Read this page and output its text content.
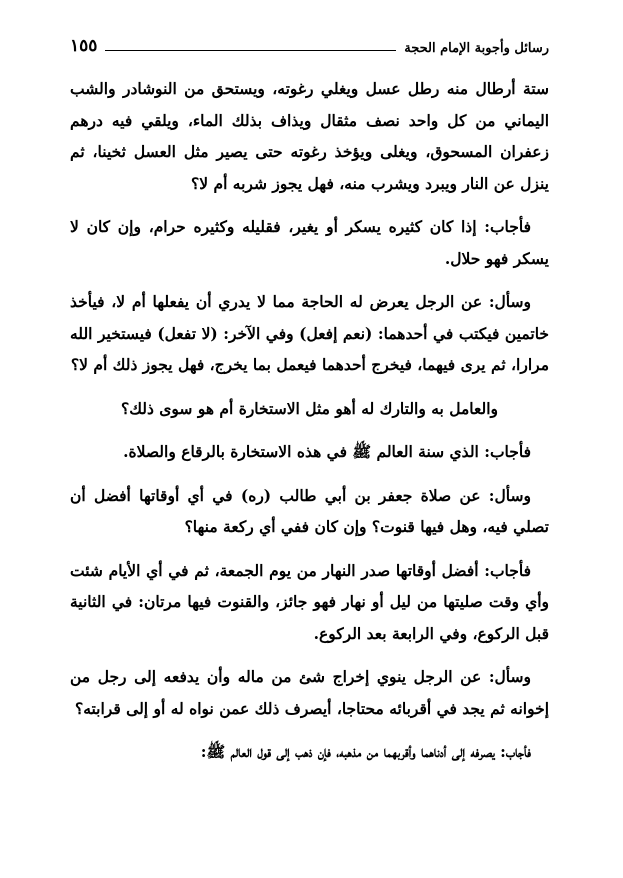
رسائل وأجوبة الإمام الحجة
١٥٥

ستة أرطال منه رطل عسل ويغلي رغوته، ويستحق من النوشادر والشب اليماني من كل واحد نصف مثقال ويذاف بذلك الماء، ويلقي فيه درهم زعفران المسحوق، ويغلى ويؤخذ رغوته حتى يصير مثل العسل ثخينا، ثم ينزل عن النار ويبرد ويشرب منه، فهل يجوز شربه أم لا؟

فأجاب: إذا كان كثيره يسكر أو يغير، فقليله وكثيره حرام، وإن كان لا يسكر فهو حلال.

وسأل: عن الرجل يعرض له الحاجة مما لا يدري أن يفعلها أم لا، فيأخذ خاتمين فيكتب في أحدهما: (نعم إفعل) وفي الآخر: (لا تفعل) فيستخير الله مرارا، ثم يرى فيهما، فيخرج أحدهما فيعمل بما يخرج، فهل يجوز ذلك أم لا؟

والعامل به والتارك له أهو مثل الاستخارة أم هو سوى ذلك؟

فأجاب: الذي سنة العالم ﷺ في هذه الاستخارة بالرقاع والصلاة.

وسأل: عن صلاة جعفر بن أبي طالب (ره) في أي أوقاتها أفضل أن تصلي فيه، وهل فيها قنوت؟ وإن كان ففي أي ركعة منها؟

فأجاب: أفضل أوقاتها صدر النهار من يوم الجمعة، ثم في أي الأيام شئت وأي وقت صليتها من ليل أو نهار فهو جائز، والقنوت فيها مرتان: في الثانية قبل الركوع، وفي الرابعة بعد الركوع.

وسأل: عن الرجل ينوي إخراج شئ من ماله وأن يدفعه إلى رجل من إخوانه ثم يجد في أقربائه محتاجا، أيصرف ذلك عمن نواه له أو إلى قرابته؟

فأجاب: يصرفه إلى أدناهما وأقربهما من مذهبه، فإن ذهب إلى قول العالم ﷺ:
